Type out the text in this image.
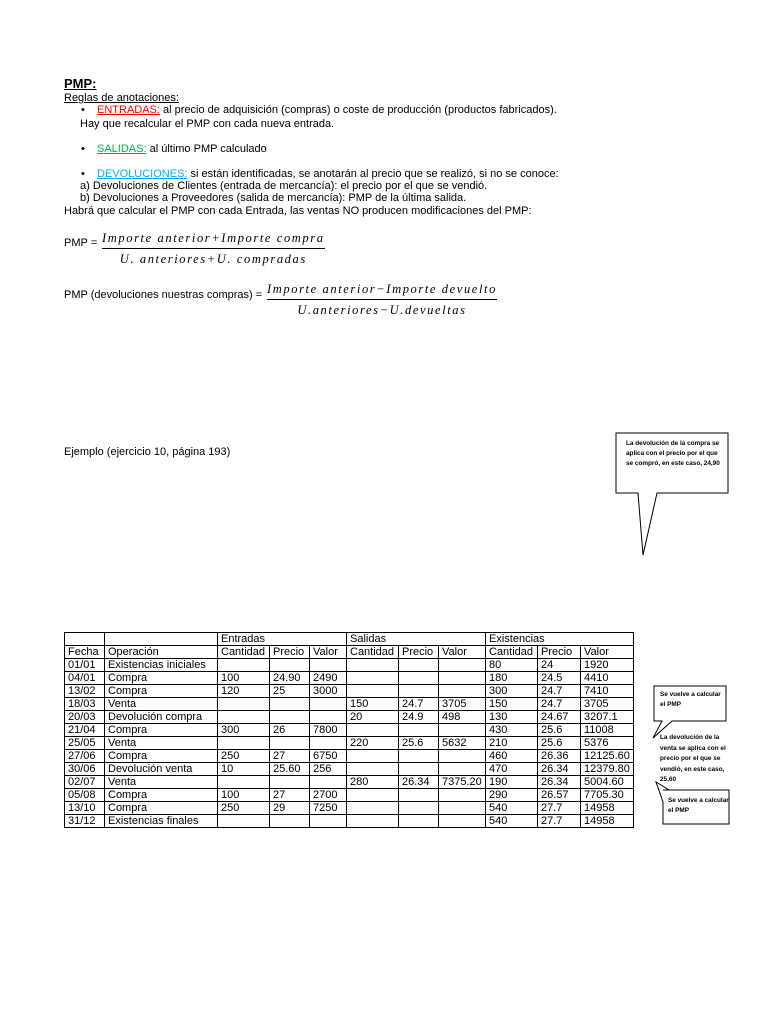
PMP:
Reglas de anotaciones:
• ENTRADAS: al precio de adquisición (compras) o coste de producción (productos fabricados).
Hay que recalcular el PMP con cada nueva entrada.
• SALIDAS: al último PMP calculado
• DEVOLUCIONES: si están identificadas, se anotarán al precio que se realizó, si no se conoce:
a) Devoluciones de Clientes (entrada de mercancía): el precio por el que se vendió.
b) Devoluciones a Proveedores (salida de mercancía): PMP de la última salida.
Habrá que calcular el PMP con cada Entrada, las ventas NO producen modificaciones del PMP:
PMP = Importe anterior+Importe compra
U. anteriores+U. compradas
PMP (devoluciones nuestras compras) = Importe anterior−Importe devuelto
U.anteriores−U.devueltas
Ejemplo (ejercicio 10, página 193)
La devolución de la compra se aplica con el precio por el que se compró, en este caso, 24,90
Se vuelve a calcular el PMP
La devolución de la venta se aplica con el precio por el que se vendió, en este caso, 25,60
Se vuelve a calcular el PMP
		Entradas			Salidas			Existencias		
Fecha	Operación	Cantidad	Precio	Valor	Cantidad	Precio	Valor	Cantidad	Precio	Valor
01/01	Existencias iniciales							80	24	1920
04/01	Compra	100	24.90	2490				180	24.5	4410
13/02	Compra	120	25	3000				300	24.7	7410
18/03	Venta				150	24.7	3705	150	24.7	3705
20/03	Devolución compra				20	24.9	498	130	24.67	3207.1
21/04	Compra	300	26	7800				430	25.6	11008
25/05	Venta				220	25.6	5632	210	25.6	5376
27/06	Compra	250	27	6750				460	26.36	12125.60
30/06	Devolución venta	10	25.60	256				470	26.34	12379.80
02/07	Venta				280	26.34	7375.20	190	26.34	5004.60
05/08	Compra	100	27	2700				290	26.57	7705.30
13/10	Compra	250	29	7250				540	27.7	14958
31/12	Existencias finales							540	27.7	14958
